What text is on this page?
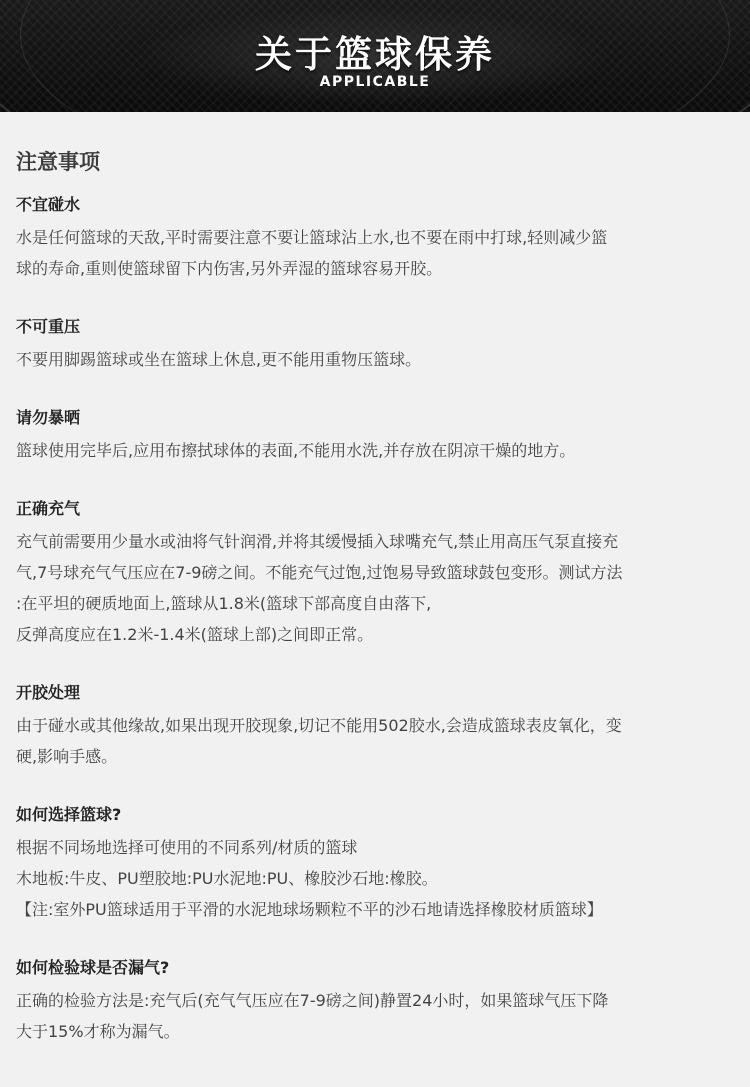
关于篮球保养
APPLICABLE
注意事项
不宜碰水
水是任何篮球的天敌,平时需要注意不要让篮球沾上水,也不要在雨中打球,轻则减少篮
球的寿命,重则使篮球留下内伤害,另外弄湿的篮球容易开胶。
不可重压
不要用脚踢篮球或坐在篮球上休息,更不能用重物压篮球。
请勿暴晒
篮球使用完毕后,应用布擦拭球体的表面,不能用水洗,并存放在阴凉干燥的地方。
正确充气
充气前需要用少量水或油将气针润滑,并将其缓慢插入球嘴充气,禁止用高压气泵直接充
气,7号球充气气压应在7-9磅之间。不能充气过饱,过饱易导致篮球鼓包变形。测试方法
:在平坦的硬质地面上,篮球从1.8米(篮球下部高度自由落下,
反弹高度应在1.2米-1.4米(篮球上部)之间即正常。
开胶处理
由于碰水或其他缘故,如果出现开胶现象,切记不能用502胶水,会造成篮球表皮氧化，变
硬,影响手感。
如何选择篮球?
根据不同场地选择可使用的不同系列/材质的篮球
木地板:牛皮、PU塑胶地:PU水泥地:PU、橡胶沙石地:橡胶。
【注:室外PU篮球适用于平滑的水泥地球场颗粒不平的沙石地请选择橡胶材质篮球】
如何检验球是否漏气?
正确的检验方法是:充气后(充气气压应在7-9磅之间)静置24小时，如果篮球气压下降
大于15%才称为漏气。
